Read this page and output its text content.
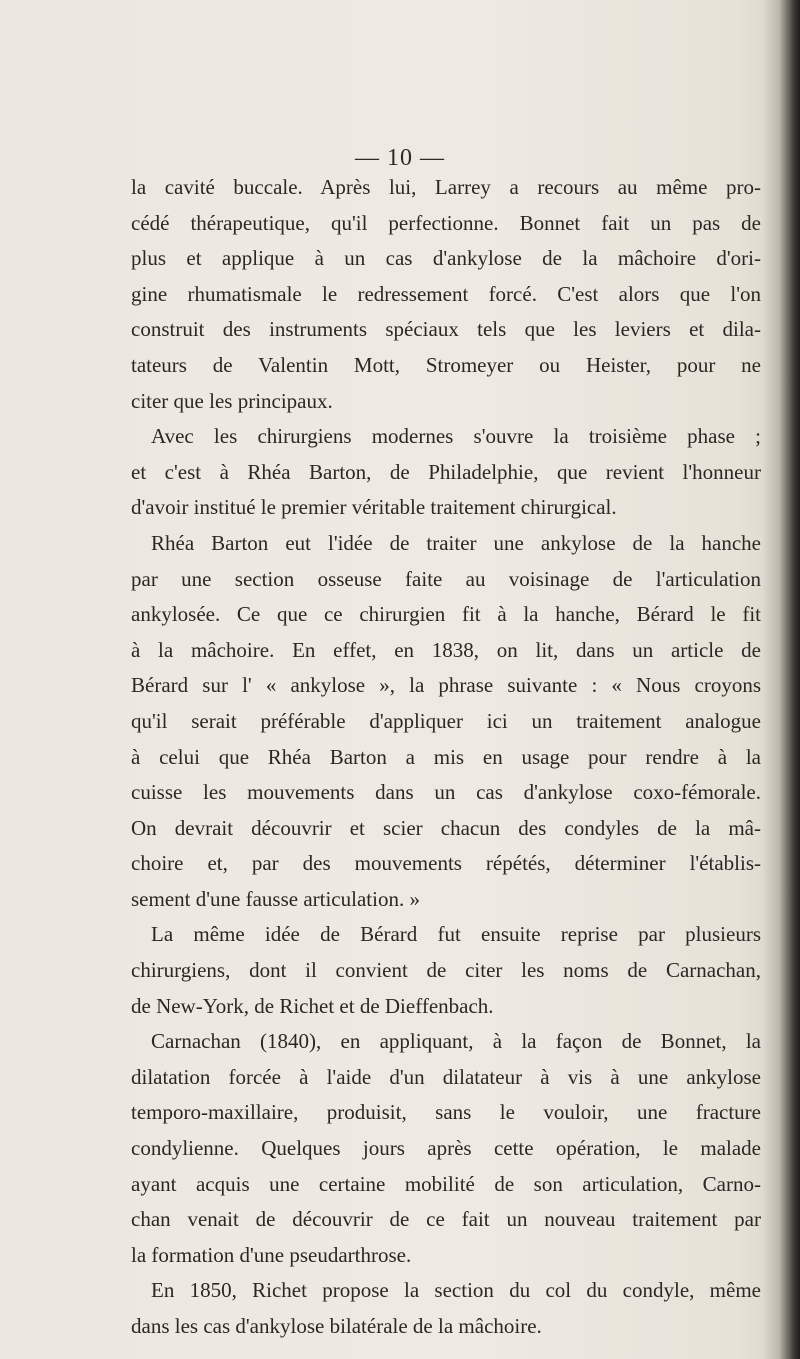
— 10 —
la cavité buccale. Après lui, Larrey a recours au même pro-
cédé thérapeutique, qu'il perfectionne. Bonnet fait un pas de
plus et applique à un cas d'ankylose de la mâchoire d'ori-
gine rhumatismale le redressement forcé. C'est alors que l'on
construit des instruments spéciaux tels que les leviers et dila-
tateurs de Valentin Mott, Stromeyer ou Heister, pour ne
citer que les principaux.
Avec les chirurgiens modernes s'ouvre la troisième phase ;
et c'est à Rhéa Barton, de Philadelphie, que revient l'honneur
d'avoir institué le premier véritable traitement chirurgical.
Rhéa Barton eut l'idée de traiter une ankylose de la hanche
par une section osseuse faite au voisinage de l'articulation
ankylosée. Ce que ce chirurgien fit à la hanche, Bérard le fit
à la mâchoire. En effet, en 1838, on lit, dans un article de
Bérard sur l' « ankylose », la phrase suivante : « Nous croyons
qu'il serait préférable d'appliquer ici un traitement analogue
à celui que Rhéa Barton a mis en usage pour rendre à la
cuisse les mouvements dans un cas d'ankylose coxo-fémorale.
On devrait découvrir et scier chacun des condyles de la mâ-
choire et, par des mouvements répétés, déterminer l'établis-
sement d'une fausse articulation. »
La même idée de Bérard fut ensuite reprise par plusieurs
chirurgiens, dont il convient de citer les noms de Carnachan,
de New-York, de Richet et de Dieffenbach.
Carnachan (1840), en appliquant, à la façon de Bonnet, la
dilatation forcée à l'aide d'un dilatateur à vis à une ankylose
temporo-maxillaire, produisit, sans le vouloir, une fracture
condylienne. Quelques jours après cette opération, le malade
ayant acquis une certaine mobilité de son articulation, Carno-
chan venait de découvrir de ce fait un nouveau traitement par
la formation d'une pseudarthrose.
En 1850, Richet propose la section du col du condyle, même
dans les cas d'ankylose bilatérale de la mâchoire.
